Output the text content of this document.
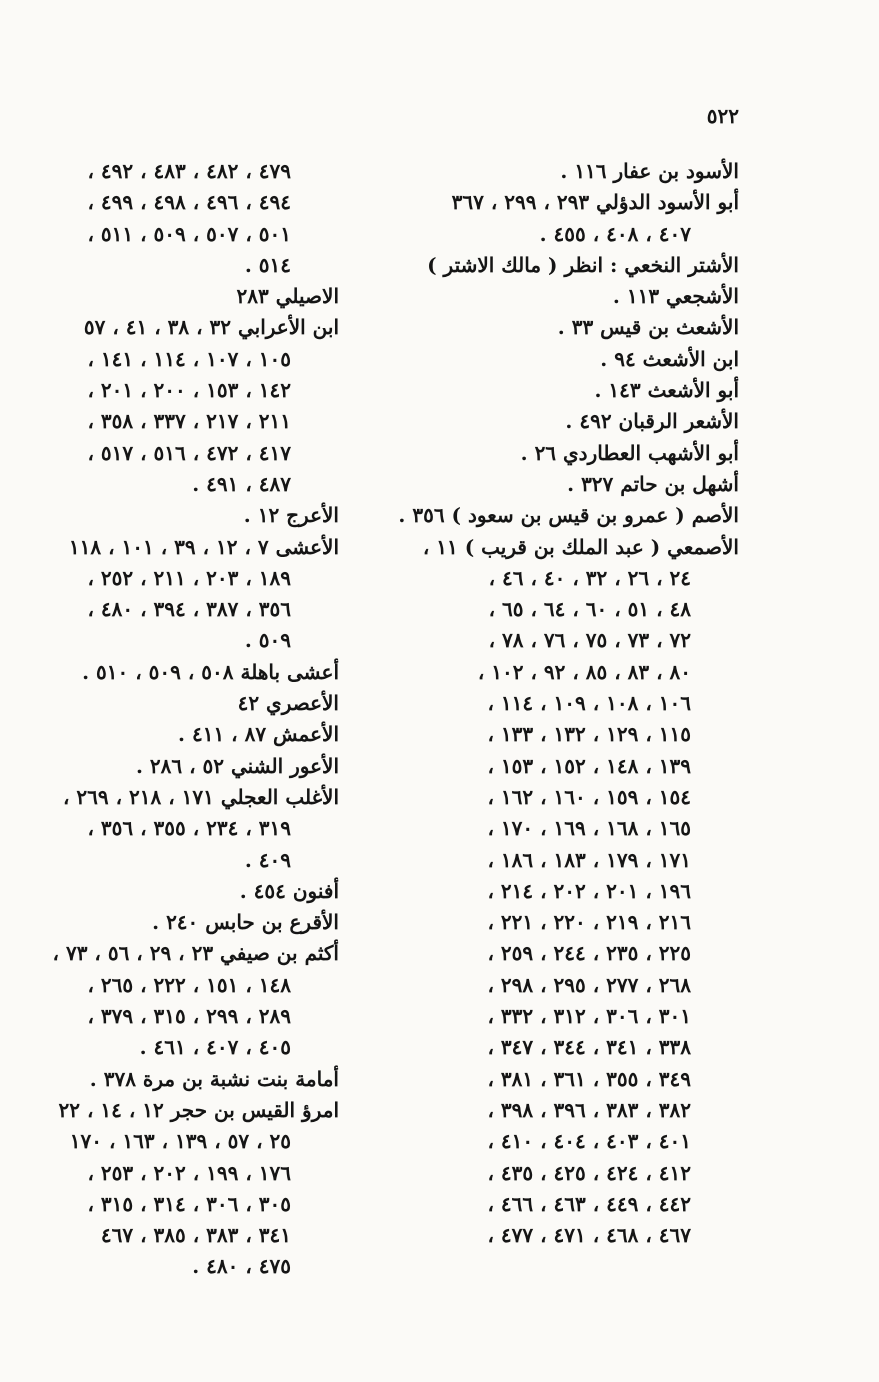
٥٢٢
الأسود بن عفار ١١٦ .
أبو الأسود الدؤلي ٢٩٣ ، ٢٩٩ ، ٣٦٧
٤٠٧ ، ٤٠٨ ، ٤٥٥ .
الأشتر النخعي : انظر ( مالك الاشتر )
الأشجعي ١١٣ .
الأشعث بن قيس ٣٣ .
ابن الأشعث ٩٤ .
أبو الأشعث ١٤٣ .
الأشعر الرقبان ٤٩٢ .
أبو الأشهب العطاردي ٢٦ .
أشهل بن حاتم ٣٢٧ .
الأصم ( عمرو بن قيس بن سعود ) ٣٥٦ .
الأصمعي ( عبد الملك بن قريب ) ١١ ،
٢٤ ، ٢٦ ، ٣٢ ، ٤٠ ، ٤٦ ،
٤٨ ، ٥١ ، ٦٠ ، ٦٤ ، ٦٥ ،
٧٢ ، ٧٣ ، ٧٥ ، ٧٦ ، ٧٨ ،
٨٠ ، ٨٣ ، ٨٥ ، ٩٢ ، ١٠٢ ،
١٠٦ ، ١٠٨ ، ١٠٩ ، ١١٤ ،
١١٥ ، ١٢٩ ، ١٣٢ ، ١٣٣ ،
١٣٩ ، ١٤٨ ، ١٥٢ ، ١٥٣ ،
١٥٤ ، ١٥٩ ، ١٦٠ ، ١٦٢ ،
١٦٥ ، ١٦٨ ، ١٦٩ ، ١٧٠ ،
١٧١ ، ١٧٩ ، ١٨٣ ، ١٨٦ ،
١٩٦ ، ٢٠١ ، ٢٠٢ ، ٢١٤ ،
٢١٦ ، ٢١٩ ، ٢٢٠ ، ٢٢١ ،
٢٢٥ ، ٢٣٥ ، ٢٤٤ ، ٢٥٩ ،
٢٦٨ ، ٢٧٧ ، ٢٩٥ ، ٢٩٨ ،
٣٠١ ، ٣٠٦ ، ٣١٢ ، ٣٣٢ ،
٣٣٨ ، ٣٤١ ، ٣٤٤ ، ٣٤٧ ،
٣٤٩ ، ٣٥٥ ، ٣٦١ ، ٣٨١ ،
٣٨٢ ، ٣٨٣ ، ٣٩٦ ، ٣٩٨ ،
٤٠١ ، ٤٠٣ ، ٤٠٤ ، ٤١٠ ،
٤١٢ ، ٤٢٤ ، ٤٢٥ ، ٤٣٥ ،
٤٤٢ ، ٤٤٩ ، ٤٦٣ ، ٤٦٦ ،
٤٦٧ ، ٤٦٨ ، ٤٧١ ، ٤٧٧ ،
٤٧٩ ، ٤٨٢ ، ٤٨٣ ، ٤٩٢ ،
٤٩٤ ، ٤٩٦ ، ٤٩٨ ، ٤٩٩ ،
٥٠١ ، ٥٠٧ ، ٥٠٩ ، ٥١١ ،
٥١٤ .
الاصيلي ٢٨٣
ابن الأعرابي ٣٢ ، ٣٨ ، ٤١ ، ٥٧
١٠٥ ، ١٠٧ ، ١١٤ ، ١٤١ ،
١٤٢ ، ١٥٣ ، ٢٠٠ ، ٢٠١ ،
٢١١ ، ٢١٧ ، ٣٣٧ ، ٣٥٨ ،
٤١٧ ، ٤٧٢ ، ٥١٦ ، ٥١٧ ،
٤٨٧ ، ٤٩١ .
الأعرج ١٢ .
الأعشى ٧ ، ١٢ ، ٣٩ ، ١٠١ ، ١١٨
١٨٩ ، ٢٠٣ ، ٢١١ ، ٢٥٢ ،
٣٥٦ ، ٣٨٧ ، ٣٩٤ ، ٤٨٠ ،
٥٠٩ .
أعشى باهلة ٥٠٨ ، ٥٠٩ ، ٥١٠ .
الأعصري ٤٢
الأعمش ٨٧ ، ٤١١ .
الأعور الشني ٥٢ ، ٢٨٦ .
الأغلب العجلي ١٧١ ، ٢١٨ ، ٢٦٩ ،
٣١٩ ، ٢٣٤ ، ٣٥٥ ، ٣٥٦ ،
٤٠٩ .
أفنون ٤٥٤ .
الأقرع بن حابس ٢٤٠ .
أكثم بن صيفي ٢٣ ، ٢٩ ، ٥٦ ، ٧٣ ،
١٤٨ ، ١٥١ ، ٢٢٢ ، ٢٦٥ ،
٢٨٩ ، ٢٩٩ ، ٣١٥ ، ٣٧٩ ،
٤٠٥ ، ٤٠٧ ، ٤٦١ .
أمامة بنت نشبة بن مرة ٣٧٨ .
امرؤ القيس بن حجر ١٢ ، ١٤ ، ٢٢
٢٥ ، ٥٧ ، ١٣٩ ، ١٦٣ ، ١٧٠
١٧٦ ، ١٩٩ ، ٢٠٢ ، ٢٥٣ ،
٣٠٥ ، ٣٠٦ ، ٣١٤ ، ٣١٥ ،
٣٤١ ، ٣٨٣ ، ٣٨٥ ، ٤٦٧
٤٧٥ ، ٤٨٠ .
